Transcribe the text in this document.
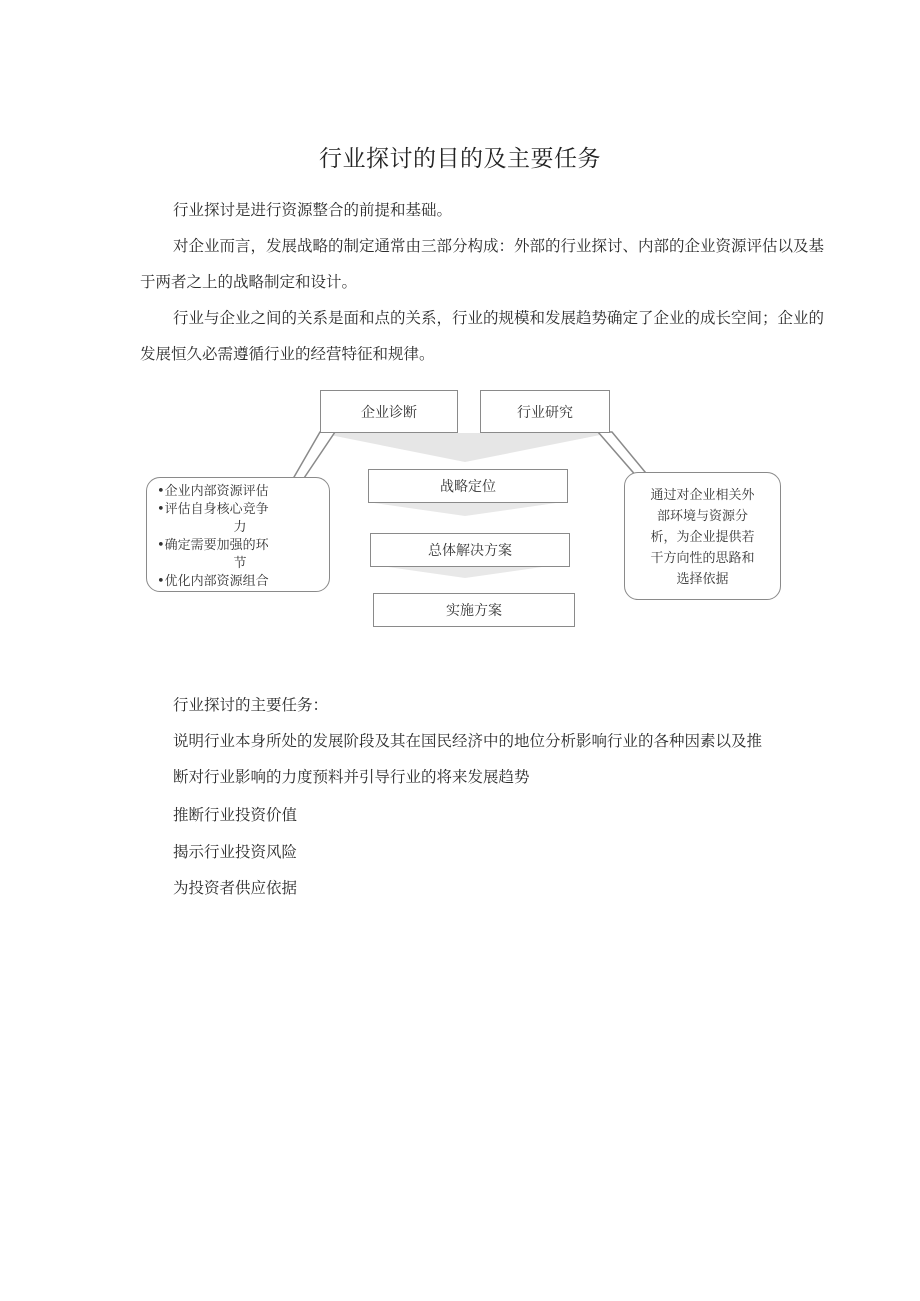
行业探讨的目的及主要任务
行业探讨是进行资源整合的前提和基础。
对企业而言，发展战略的制定通常由三部分构成：外部的行业探讨、内部的企业资源评估以及基于两者之上的战略制定和设计。
行业与企业之间的关系是面和点的关系，行业的规模和发展趋势确定了企业的成长空间；企业的发展恒久必需遵循行业的经营特征和规律。
企业诊断	行业研究
战略定位
总体解决方案
实施方案
•企业内部资源评估
•评估自身核心竞争
力
•确定需要加强的环
节
•优化内部资源组合
通过对企业相关外
部环境与资源分
析，为企业提供若
干方向性的思路和
选择依据
行业探讨的主要任务：
说明行业本身所处的发展阶段及其在国民经济中的地位分析影响行业的各种因素以及推
断对行业影响的力度预料并引导行业的将来发展趋势
推断行业投资价值
揭示行业投资风险
为投资者供应依据
